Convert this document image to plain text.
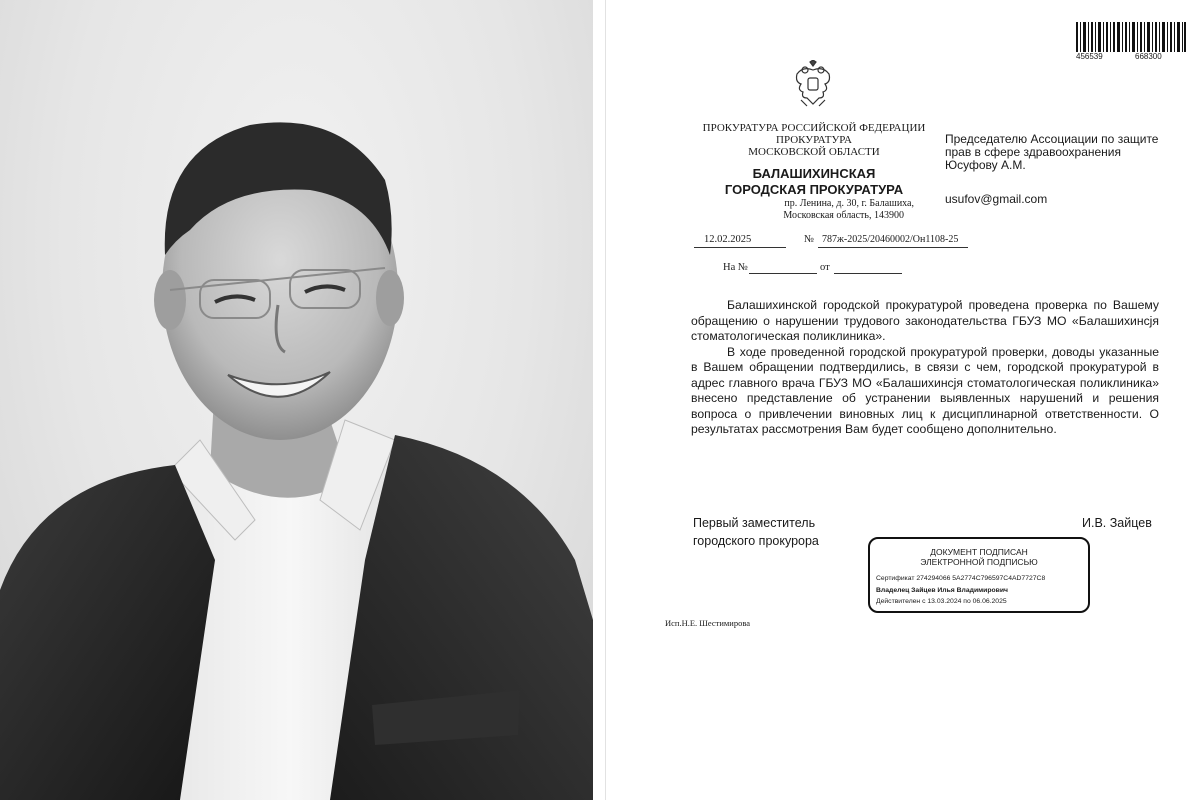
456539	668300
ПРОКУРАТУРА РОССИЙСКОЙ ФЕДЕРАЦИИ
ПРОКУРАТУРА
МОСКОВСКОЙ ОБЛАСТИ
БАЛАШИХИНСКАЯ
ГОРОДСКАЯ ПРОКУРАТУРА
пр. Ленина, д. 30, г. Балашиха,
Московская область, 143900
Председателю Ассоциации по защите прав в сфере здравоохранения Юсуфову А.М.
usufov@gmail.com
12.02.2025	№ 787ж-2025/20460002/Он1108-25
На №	от

Балашихинской городской прокуратурой проведена проверка по Вашему обращению о нарушении трудового законодательства ГБУЗ МО «Балашихинсjя стоматологическая поликлиника».

В ходе проведенной городской прокуратурой проверки, доводы указанные в Вашем обращении подтвердились, в связи с чем, городской прокуратурой в адрес главного врача ГБУЗ МО «Балашихинсjя стоматологическая поликлиника» внесено представление об устранении выявленных нарушений и решения вопроса о привлечении виновных лиц к дисциплинарной ответственности. О результатах рассмотрения Вам будет сообщено дополнительно.

Первый заместитель
городского прокурора
И.В. Зайцев
ДОКУМЕНТ ПОДПИСАН
ЭЛЕКТРОННОЙ ПОДПИСЬЮ
Сертификат 274294066 5A2774C796597C4AD7727C8
Владелец Зайцев Илья Владимирович
Действителен с 13.03.2024 по 06.06.2025
Исп.Н.Е. Шестимирова
